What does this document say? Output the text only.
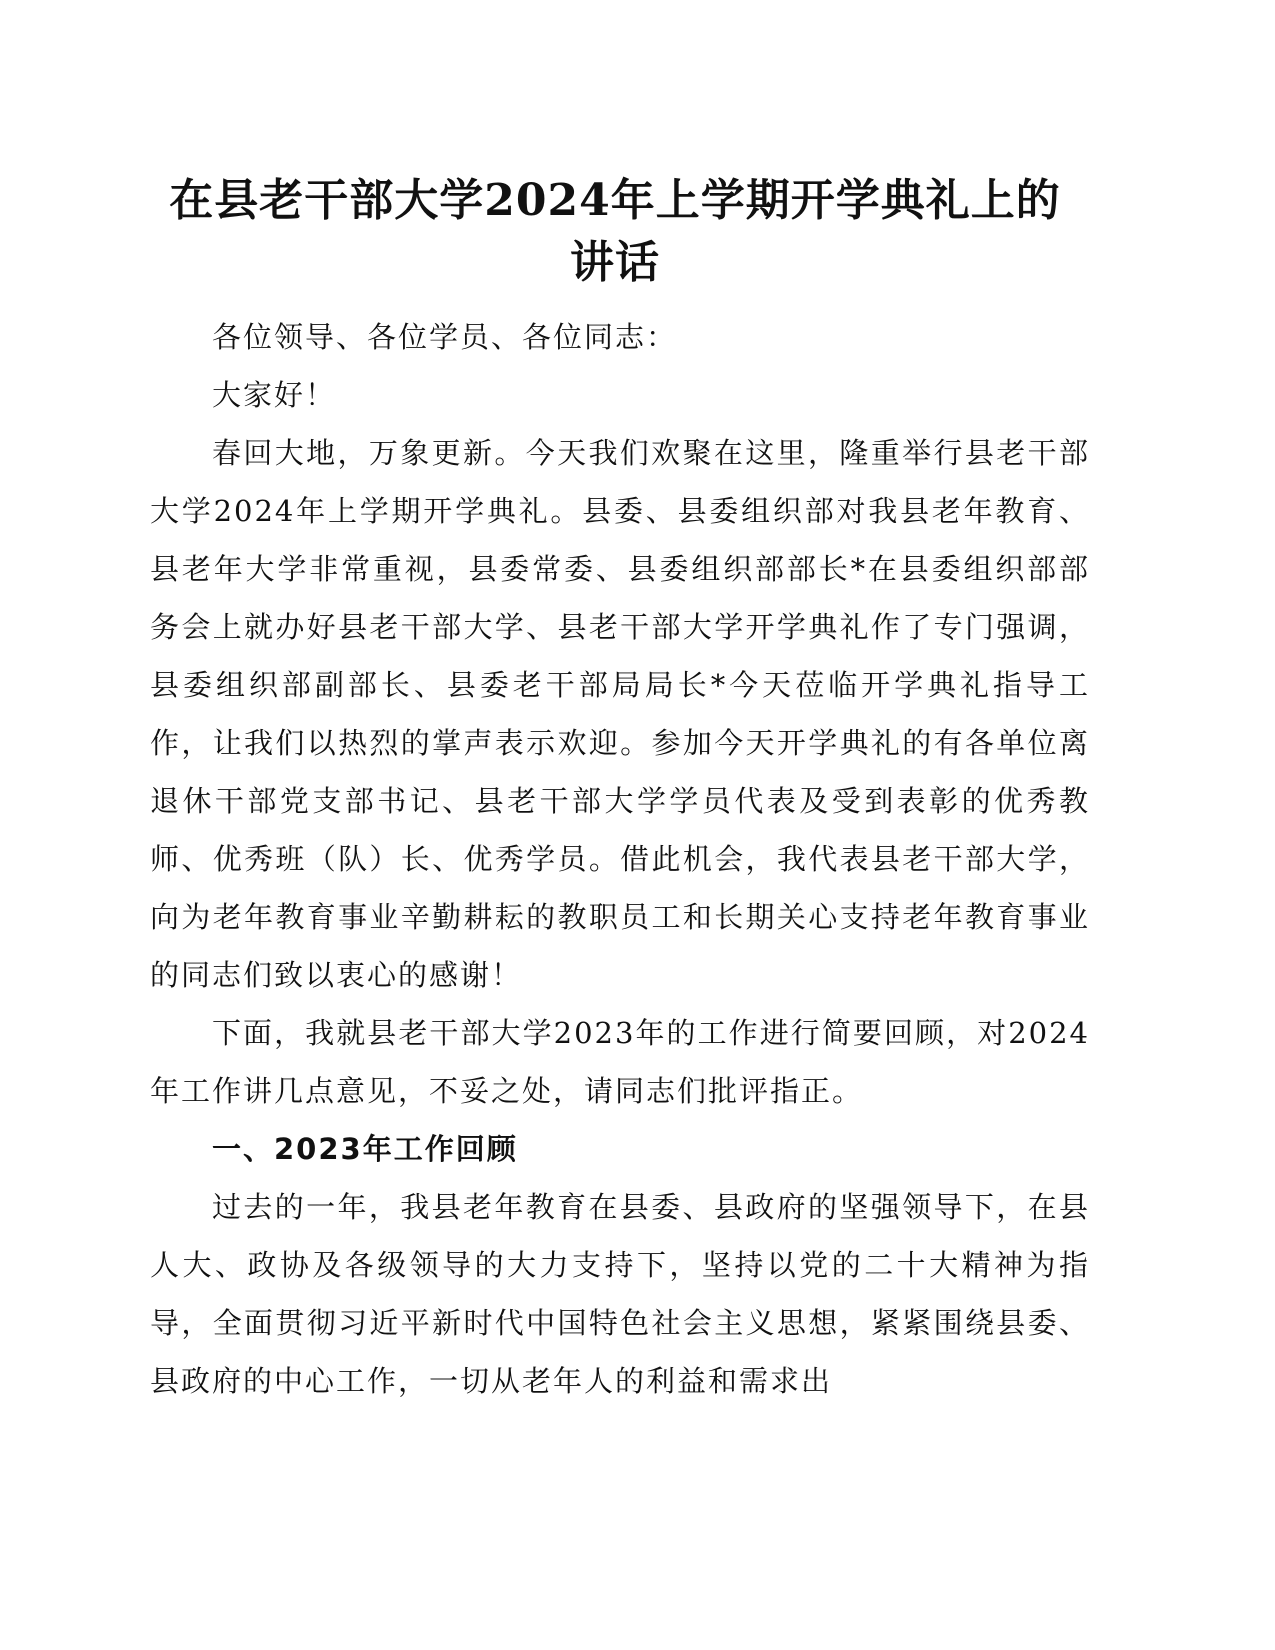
在县老干部大学2024年上学期开学典礼上的讲话

各位领导、各位学员、各位同志：

大家好！

春回大地，万象更新。今天我们欢聚在这里，隆重举行县老干部大学2024年上学期开学典礼。县委、县委组织部对我县老年教育、县老年大学非常重视，县委常委、县委组织部部长*在县委组织部部务会上就办好县老干部大学、县老干部大学开学典礼作了专门强调，县委组织部副部长、县委老干部局局长*今天莅临开学典礼指导工作，让我们以热烈的掌声表示欢迎。参加今天开学典礼的有各单位离退休干部党支部书记、县老干部大学学员代表及受到表彰的优秀教师、优秀班（队）长、优秀学员。借此机会，我代表县老干部大学，向为老年教育事业辛勤耕耘的教职员工和长期关心支持老年教育事业的同志们致以衷心的感谢！

下面，我就县老干部大学2023年的工作进行简要回顾，对2024年工作讲几点意见，不妥之处，请同志们批评指正。

一、2023年工作回顾

过去的一年，我县老年教育在县委、县政府的坚强领导下，在县人大、政协及各级领导的大力支持下，坚持以党的二十大精神为指导，全面贯彻习近平新时代中国特色社会主义思想，紧紧围绕县委、县政府的中心工作，一切从老年人的利益和需求出
